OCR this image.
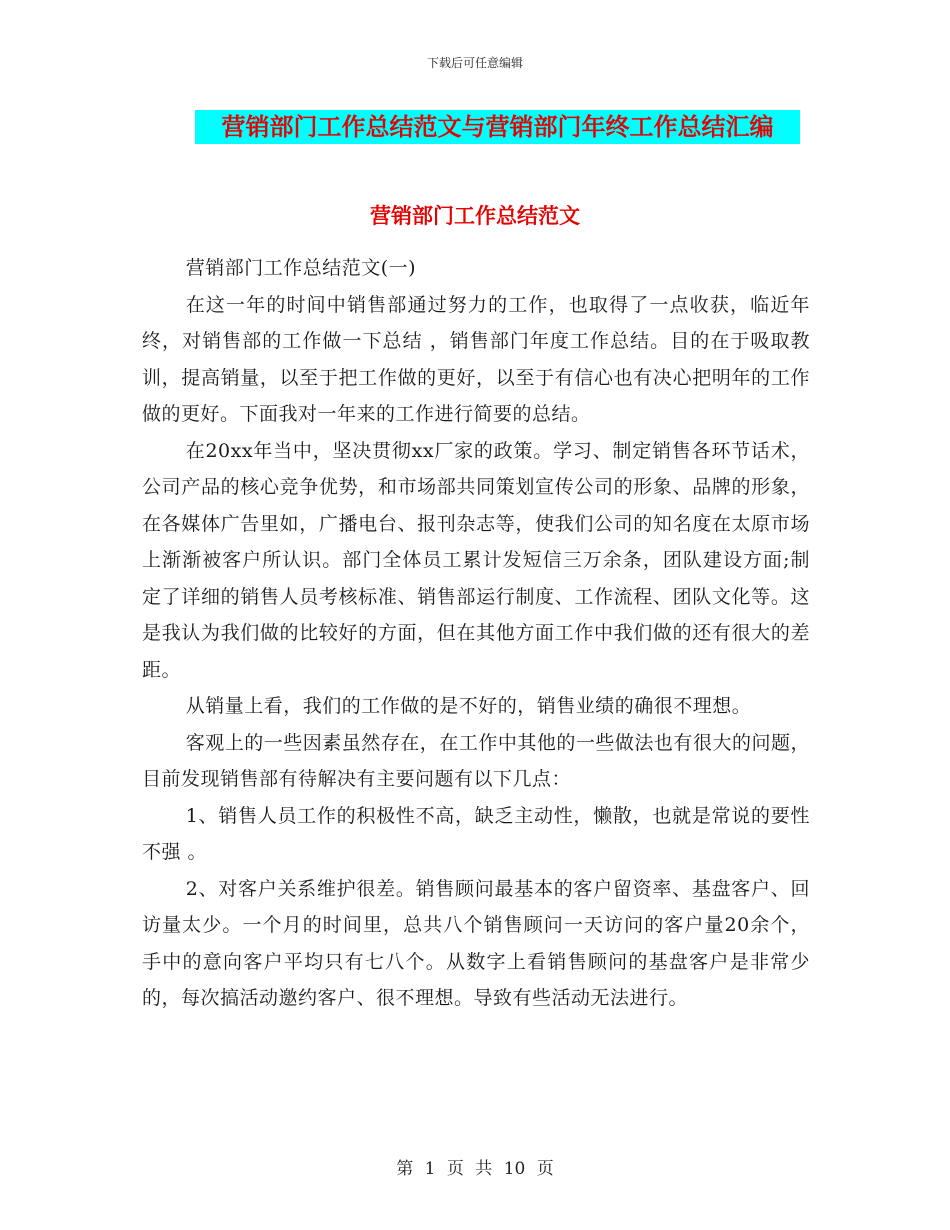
下载后可任意编辑
营销部门工作总结范文与营销部门年终工作总结汇编
营销部门工作总结范文

营销部门工作总结范文(一)

在这一年的时间中销售部通过努力的工作，也取得了一点收获，临近年终，对销售部的工作做一下总结 ，销售部门年度工作总结。目的在于吸取教训，提高销量，以至于把工作做的更好，以至于有信心也有决心把明年的工作做的更好。下面我对一年来的工作进行简要的总结。

在20xx年当中，坚决贯彻xx厂家的政策。学习、制定销售各环节话术，公司产品的核心竞争优势，和市场部共同策划宣传公司的形象、品牌的形象，在各媒体广告里如，广播电台、报刊杂志等，使我们公司的知名度在太原市场上渐渐被客户所认识。部门全体员工累计发短信三万余条，团队建设方面;制定了详细的销售人员考核标准、销售部运行制度、工作流程、团队文化等。这是我认为我们做的比较好的方面，但在其他方面工作中我们做的还有很大的差距。

从销量上看，我们的工作做的是不好的，销售业绩的确很不理想。

客观上的一些因素虽然存在，在工作中其他的一些做法也有很大的问题，目前发现销售部有待解决有主要问题有以下几点：

1、销售人员工作的积极性不高，缺乏主动性，懒散，也就是常说的要性不强 。

2、对客户关系维护很差。销售顾问最基本的客户留资率、基盘客户、回访量太少。一个月的时间里，总共八个销售顾问一天访问的客户量20余个，手中的意向客户平均只有七八个。从数字上看销售顾问的基盘客户是非常少的，每次搞活动邀约客户、很不理想。导致有些活动无法进行。

第 1 页 共 10 页
